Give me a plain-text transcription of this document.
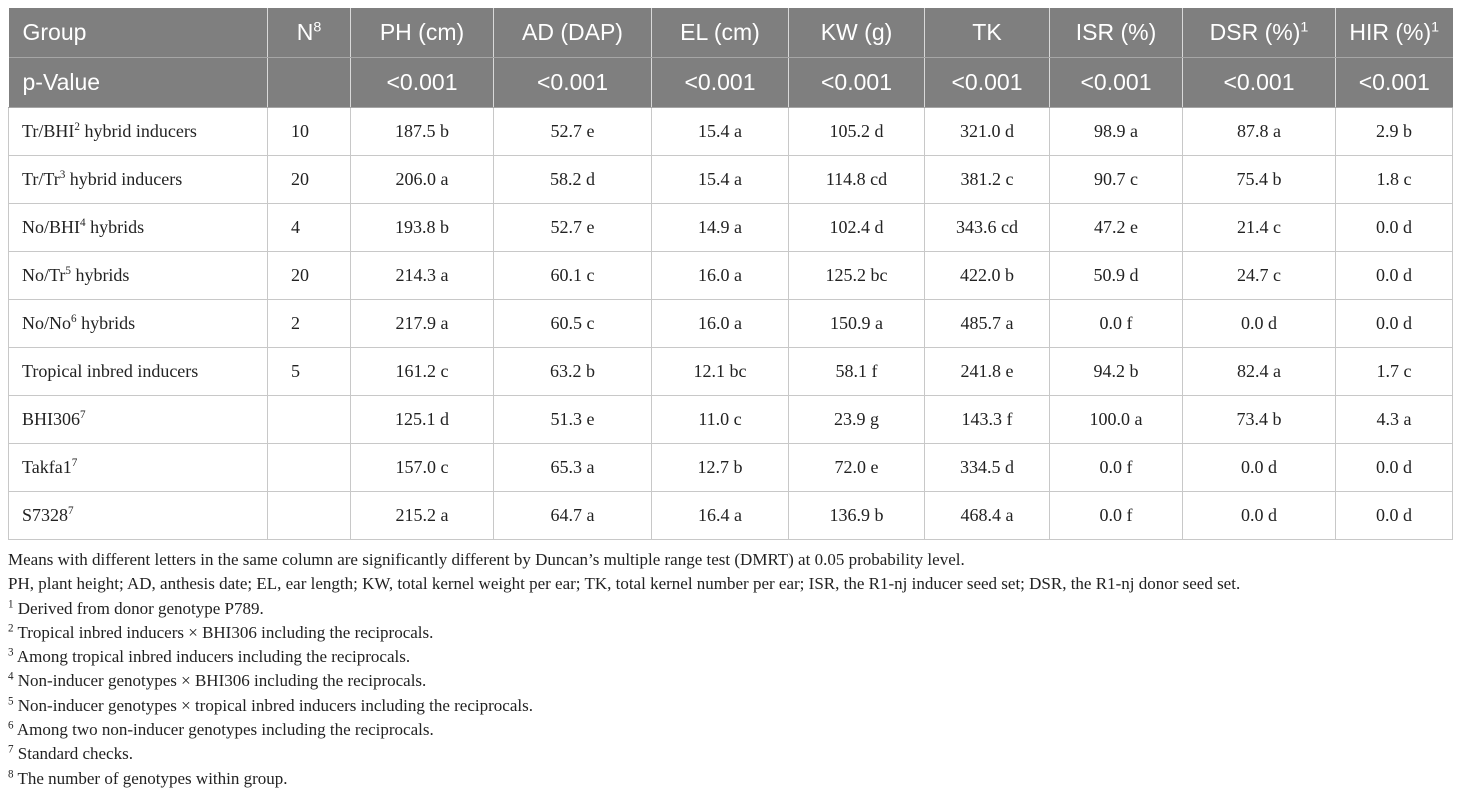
Group	$N^8$	PH (cm)	AD (DAP)	EL (cm)	KW (g)	TK	ISR (%)	DSR (%)$^1$	HIR (%)$^1$
p-Value		<0.001	<0.001	<0.001	<0.001	<0.001	<0.001	<0.001	<0.001
Tr/BHI$^2$ hybrid inducers	10	187.5 b	52.7 e	15.4 a	105.2 d	321.0 d	98.9 a	87.8 a	2.9 b
Tr/Tr$^3$ hybrid inducers	20	206.0 a	58.2 d	15.4 a	114.8 cd	381.2 c	90.7 c	75.4 b	1.8 c
No/BHI$^4$ hybrids	4	193.8 b	52.7 e	14.9 a	102.4 d	343.6 cd	47.2 e	21.4 c	0.0 d
No/Tr$^5$ hybrids	20	214.3 a	60.1 c	16.0 a	125.2 bc	422.0 b	50.9 d	24.7 c	0.0 d
No/No$^6$ hybrids	2	217.9 a	60.5 c	16.0 a	150.9 a	485.7 a	0.0 f	0.0 d	0.0 d
Tropical inbred inducers	5	161.2 c	63.2 b	12.1 bc	58.1 f	241.8 e	94.2 b	82.4 a	1.7 c
$BHI306^7$		125.1 d	51.3 e	11.0 c	23.9 g	143.3 f	100.0 a	73.4 b	4.3 a
$Takfa1^7$		157.0 c	65.3 a	12.7 b	72.0 e	334.5 d	0.0 f	0.0 d	0.0 d
S7328$^7$		215.2 a	64.7 a	16.4 a	136.9 b	468.4 a	0.0 f	0.0 d	0.0 d

Means with different letters in the same column are significantly different by Duncan’s multiple range test (DMRT) at 0.05 probability level.

PH, plant height; AD, anthesis date; EL, ear length; KW, total kernel weight per ear; TK, total kernel number per ear; ISR, the R1-nj inducer seed set; DSR, the R1-nj donor seed set.

$^1$ Derived from donor genotype P789.

$^2$ Tropical inbred inducers × BHI306 including the reciprocals.

$^3$ Among tropical inbred inducers including the reciprocals.

$^4$ Non-inducer genotypes × BHI306 including the reciprocals.

$^5$ Non-inducer genotypes × tropical inbred inducers including the reciprocals.

$^6$ Among two non-inducer genotypes including the reciprocals.

$^7$ Standard checks.

$^8$ The number of genotypes within group.
